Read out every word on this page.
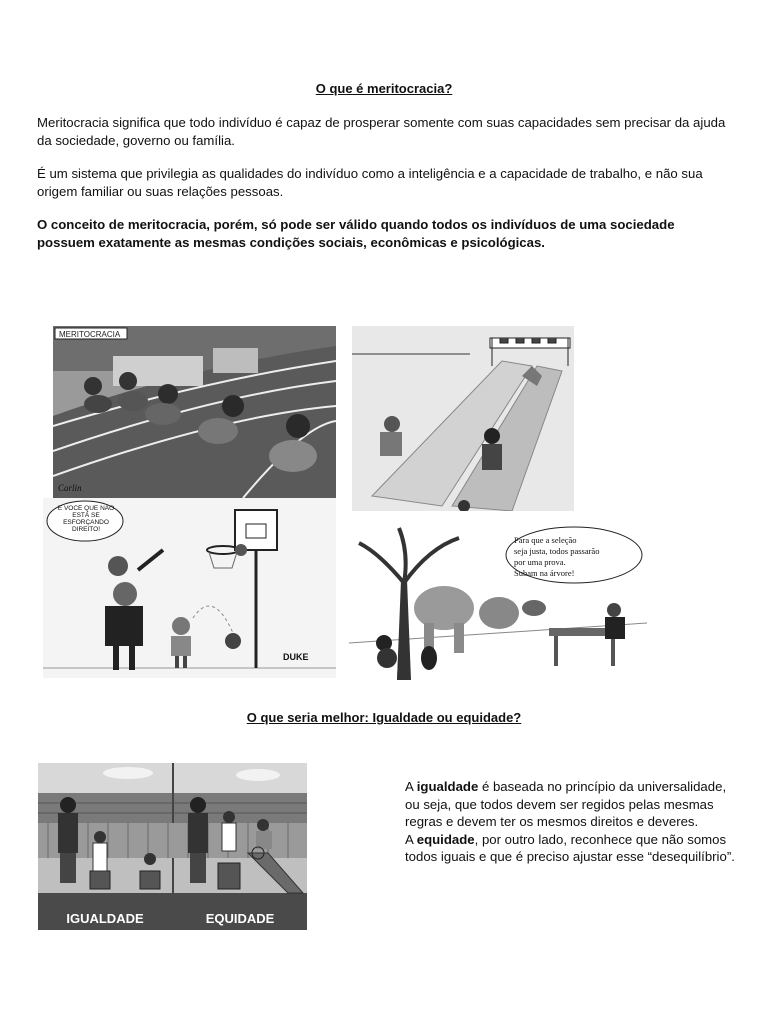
O que é meritocracia?
Meritocracia significa que todo indivíduo é capaz de prosperar somente com suas capacidades sem precisar da ajuda da sociedade, governo ou família.
É um sistema que privilegia as qualidades do indivíduo como a inteligência e a capacidade de trabalho, e não sua origem familiar ou suas relações pessoas.
O conceito de meritocracia, porém, só pode ser válido quando todos os indivíduos de uma sociedade possuem exatamente as mesmas condições sociais, econômicas e psicológicas.
MERITOCRACIA
Carlin
É VOCÊ QUE NÃO ESTÁ SE ESFORÇANDO DIREITO!
DUKE
Para que a seleção
seja justa, todos passarão
por uma prova.
Subam na árvore!
O que seria melhor: Igualdade ou equidade?
IGUALDADE	EQUIDADE
A igualdade é baseada no princípio da universalidade, ou seja, que todos devem ser regidos pelas mesmas regras e devem ter os mesmos direitos e deveres.
A equidade, por outro lado, reconhece que não somos todos iguais e que é preciso ajustar esse “desequilíbrio”.
